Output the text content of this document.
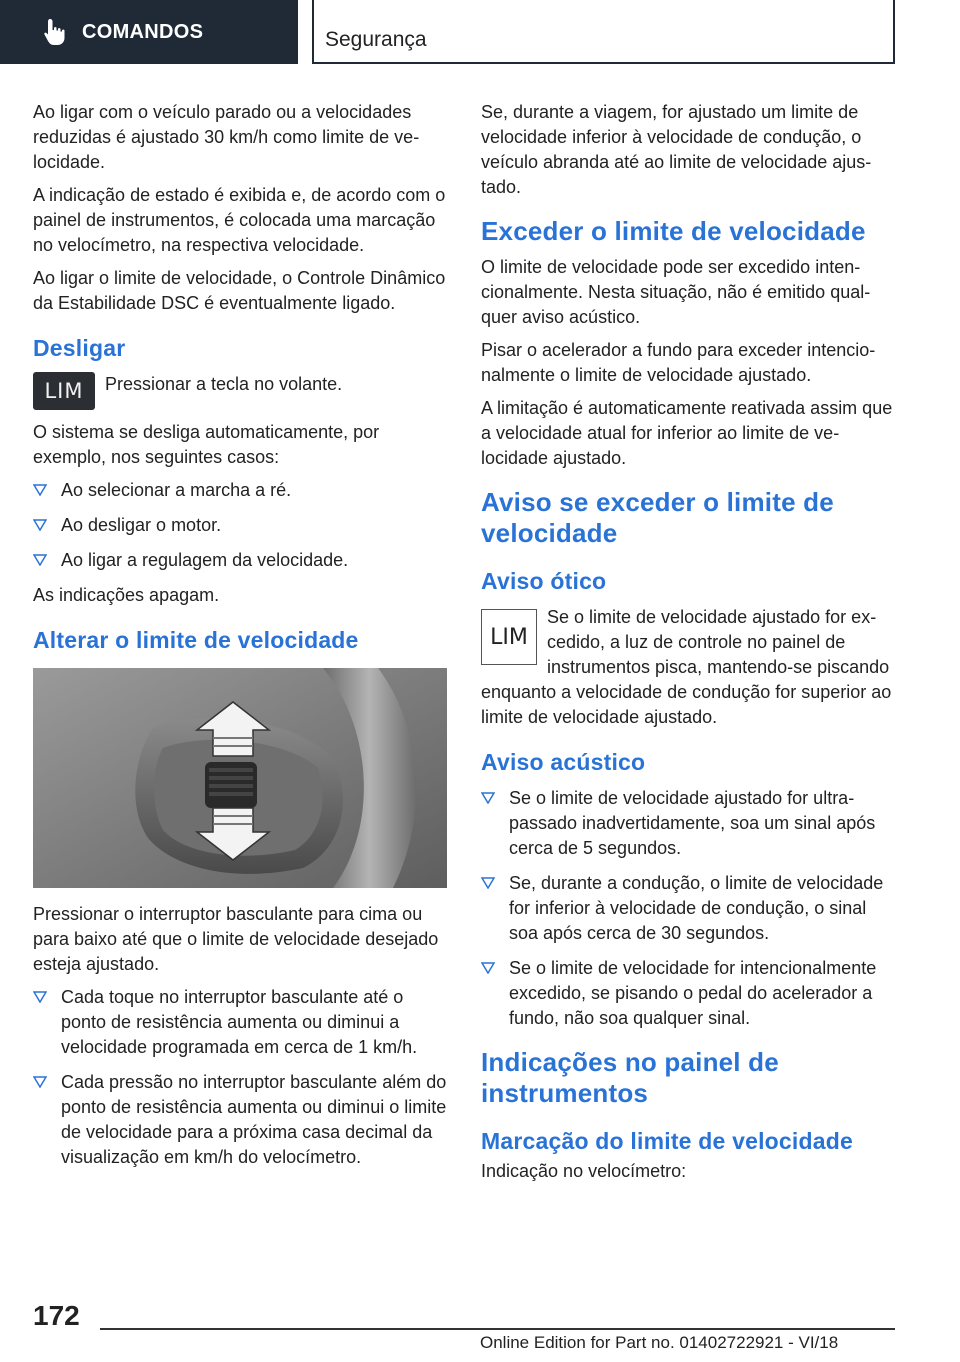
COMANDOS	Segurança

Ao ligar com o veículo parado ou a velocidades reduzidas é ajustado 30 km/h como limite de velocidade.

A indicação de estado é exibida e, de acordo com o painel de instrumentos, é colocada uma marcação no velocímetro, na respectiva velocidade.

Ao ligar o limite de velocidade, o Controle Dinâmico da Estabilidade DSC é eventualmente ligado.

Desligar
LIM	Pressionar a tecla no volante.

O sistema se desliga automaticamente, por exemplo, nos seguintes casos:

Ao selecionar a marcha a ré.
Ao desligar o motor.
Ao ligar a regulagem da velocidade.

As indicações apagam.

Alterar o limite de velocidade

Pressionar o interruptor basculante para cima ou para baixo até que o limite de velocidade desejado esteja ajustado.

Cada toque no interruptor basculante até o ponto de resistência aumenta ou diminui a velocidade programada em cerca de 1 km/h.
Cada pressão no interruptor basculante além do ponto de resistência aumenta ou diminui o limite de velocidade para a próxima casa decimal da visualização em km/h do velocímetro.

Se, durante a viagem, for ajustado um limite de velocidade inferior à velocidade de condução, o veículo abranda até ao limite de velocidade ajustado.

Exceder o limite de velocidade

O limite de velocidade pode ser excedido intencionalmente. Nesta situação, não é emitido qualquer aviso acústico.

Pisar o acelerador a fundo para exceder intencionalmente o limite de velocidade ajustado.

A limitação é automaticamente reativada assim que a velocidade atual for inferior ao limite de velocidade ajustado.

Aviso se exceder o limite de velocidade
Aviso ótico
LIM
Se o limite de velocidade ajustado for excedido, a luz de controle no painel de instrumentos pisca, mantendo-se piscando enquanto a velocidade de condução for superior ao limite de velocidade ajustado.
Aviso acústico
Se o limite de velocidade ajustado for ultrapassado inadvertidamente, soa um sinal após cerca de 5 segundos.
Se, durante a condução, o limite de velocidade for inferior à velocidade de condução, o sinal soa após cerca de 30 segundos.
Se o limite de velocidade for intencionalmente excedido, se pisando o pedal do acelerador a fundo, não soa qualquer sinal.
Indicações no painel de instrumentos
Marcação do limite de velocidade

Indicação no velocímetro:

172
Online Edition for Part no. 01402722921 - VI/18
